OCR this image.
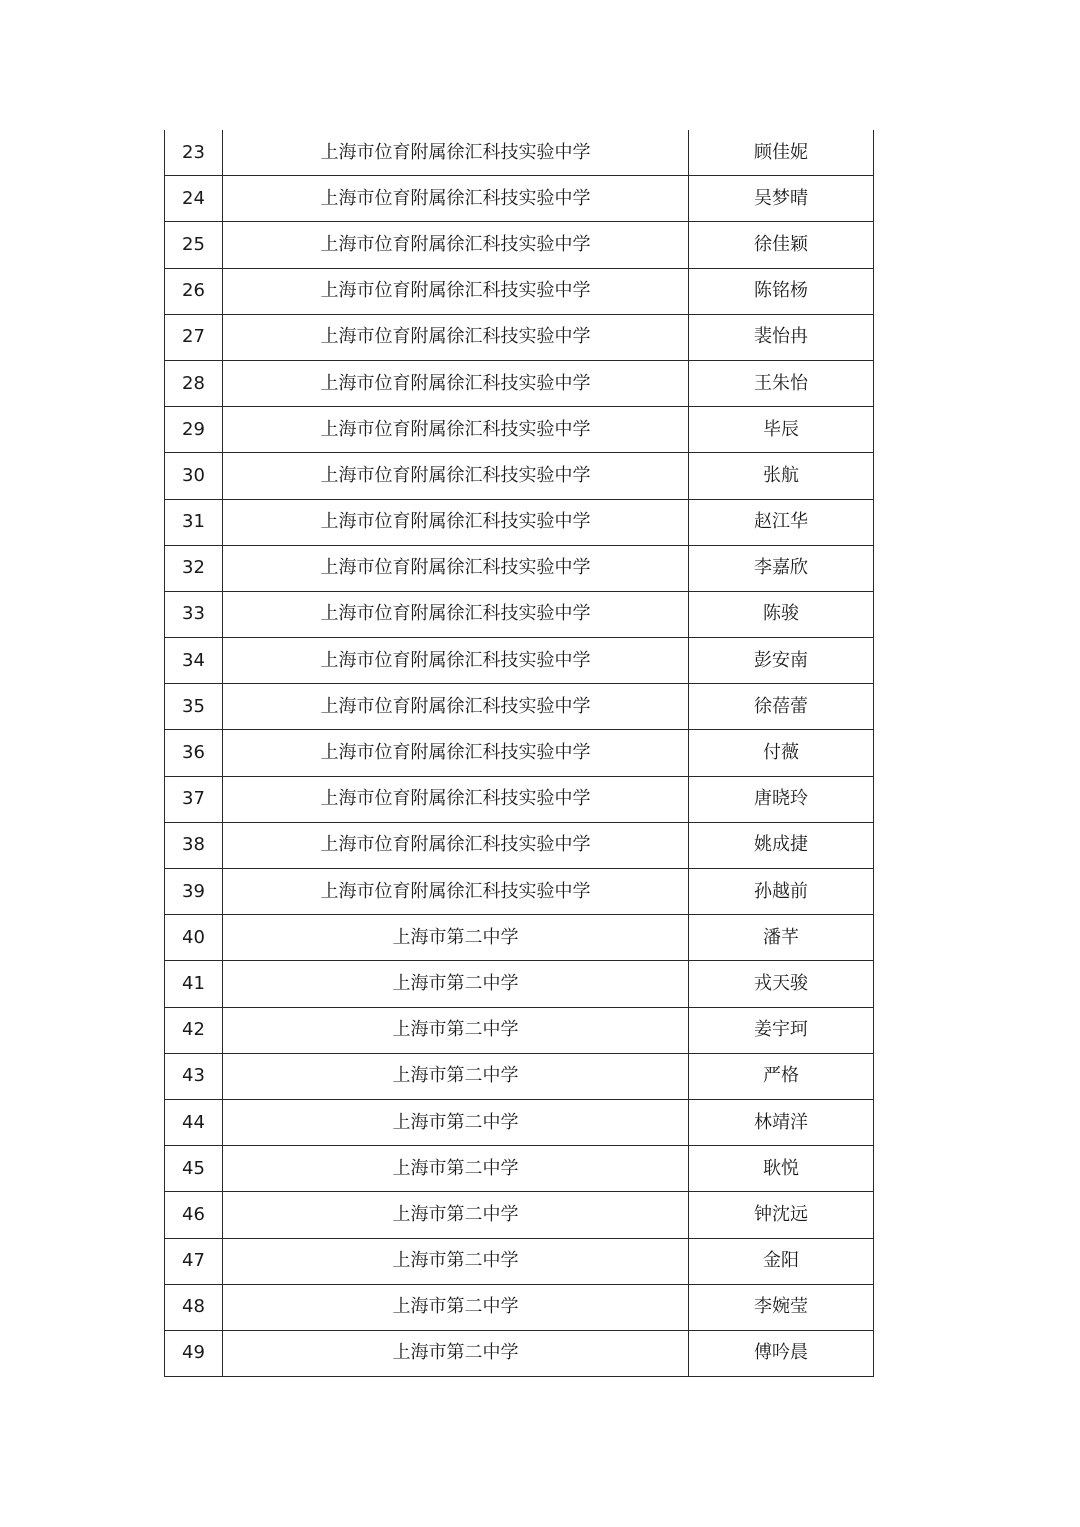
23	上海市位育附属徐汇科技实验中学	顾佳妮
24	上海市位育附属徐汇科技实验中学	吴梦晴
25	上海市位育附属徐汇科技实验中学	徐佳颖
26	上海市位育附属徐汇科技实验中学	陈铭杨
27	上海市位育附属徐汇科技实验中学	裴怡冉
28	上海市位育附属徐汇科技实验中学	王朱怡
29	上海市位育附属徐汇科技实验中学	毕辰
30	上海市位育附属徐汇科技实验中学	张航
31	上海市位育附属徐汇科技实验中学	赵江华
32	上海市位育附属徐汇科技实验中学	李嘉欣
33	上海市位育附属徐汇科技实验中学	陈骏
34	上海市位育附属徐汇科技实验中学	彭安南
35	上海市位育附属徐汇科技实验中学	徐蓓蕾
36	上海市位育附属徐汇科技实验中学	付薇
37	上海市位育附属徐汇科技实验中学	唐晓玲
38	上海市位育附属徐汇科技实验中学	姚成捷
39	上海市位育附属徐汇科技实验中学	孙越前
40	上海市第二中学	潘芊
41	上海市第二中学	戎天骏
42	上海市第二中学	姜宇珂
43	上海市第二中学	严格
44	上海市第二中学	林靖洋
45	上海市第二中学	耿悦
46	上海市第二中学	钟沈远
47	上海市第二中学	金阳
48	上海市第二中学	李婉莹
49	上海市第二中学	傅吟晨
